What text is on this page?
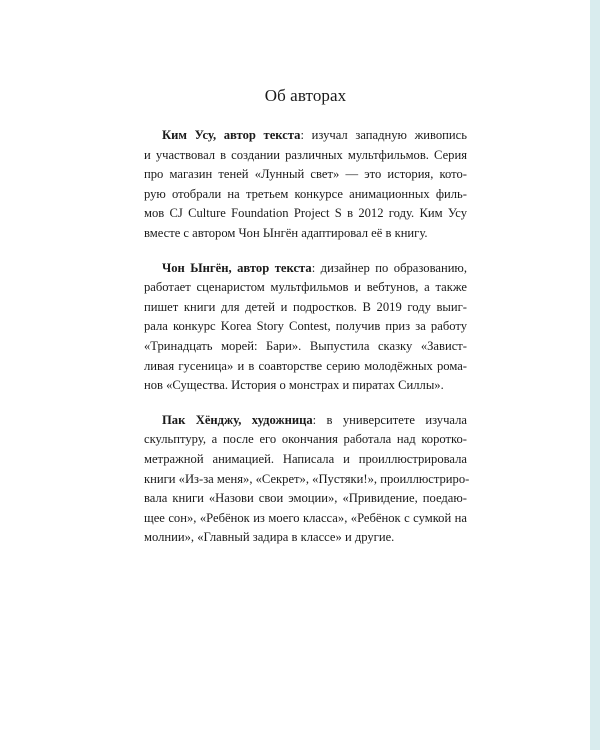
Об авторах
Ким Усу, автор текста: изучал западную живопись
и участвовал в создании различных мультфильмов. Серия
про магазин теней «Лунный свет» — это история, кото-
рую отобрали на третьем конкурсе анимационных филь-
мов CJ Culture Foundation Project S в 2012 году. Ким Усу
вместе с автором Чон Ынгён адаптировал её в книгу.
Чон Ынгён, автор текста: дизайнер по образованию,
работает сценаристом мультфильмов и вебтунов, а также
пишет книги для детей и подростков. В 2019 году выиг-
рала конкурс Korea Story Contest, получив приз за работу
«Тринадцать морей: Бари». Выпустила сказку «Завист-
ливая гусеница» и в соавторстве серию молодёжных рома-
нов «Существа. История о монстрах и пиратах Силлы».
Пак Хёнджу, художница: в университете изучала
скульптуру, а после его окончания работала над коротко-
метражной анимацией. Написала и проиллюстрировала
книги «Из-за меня», «Секрет», «Пустяки!», проиллюстриро-
вала книги «Назови свои эмоции», «Привидение, поедаю-
щее сон», «Ребёнок из моего класса», «Ребёнок с сумкой на
молнии», «Главный задира в классе» и другие.
